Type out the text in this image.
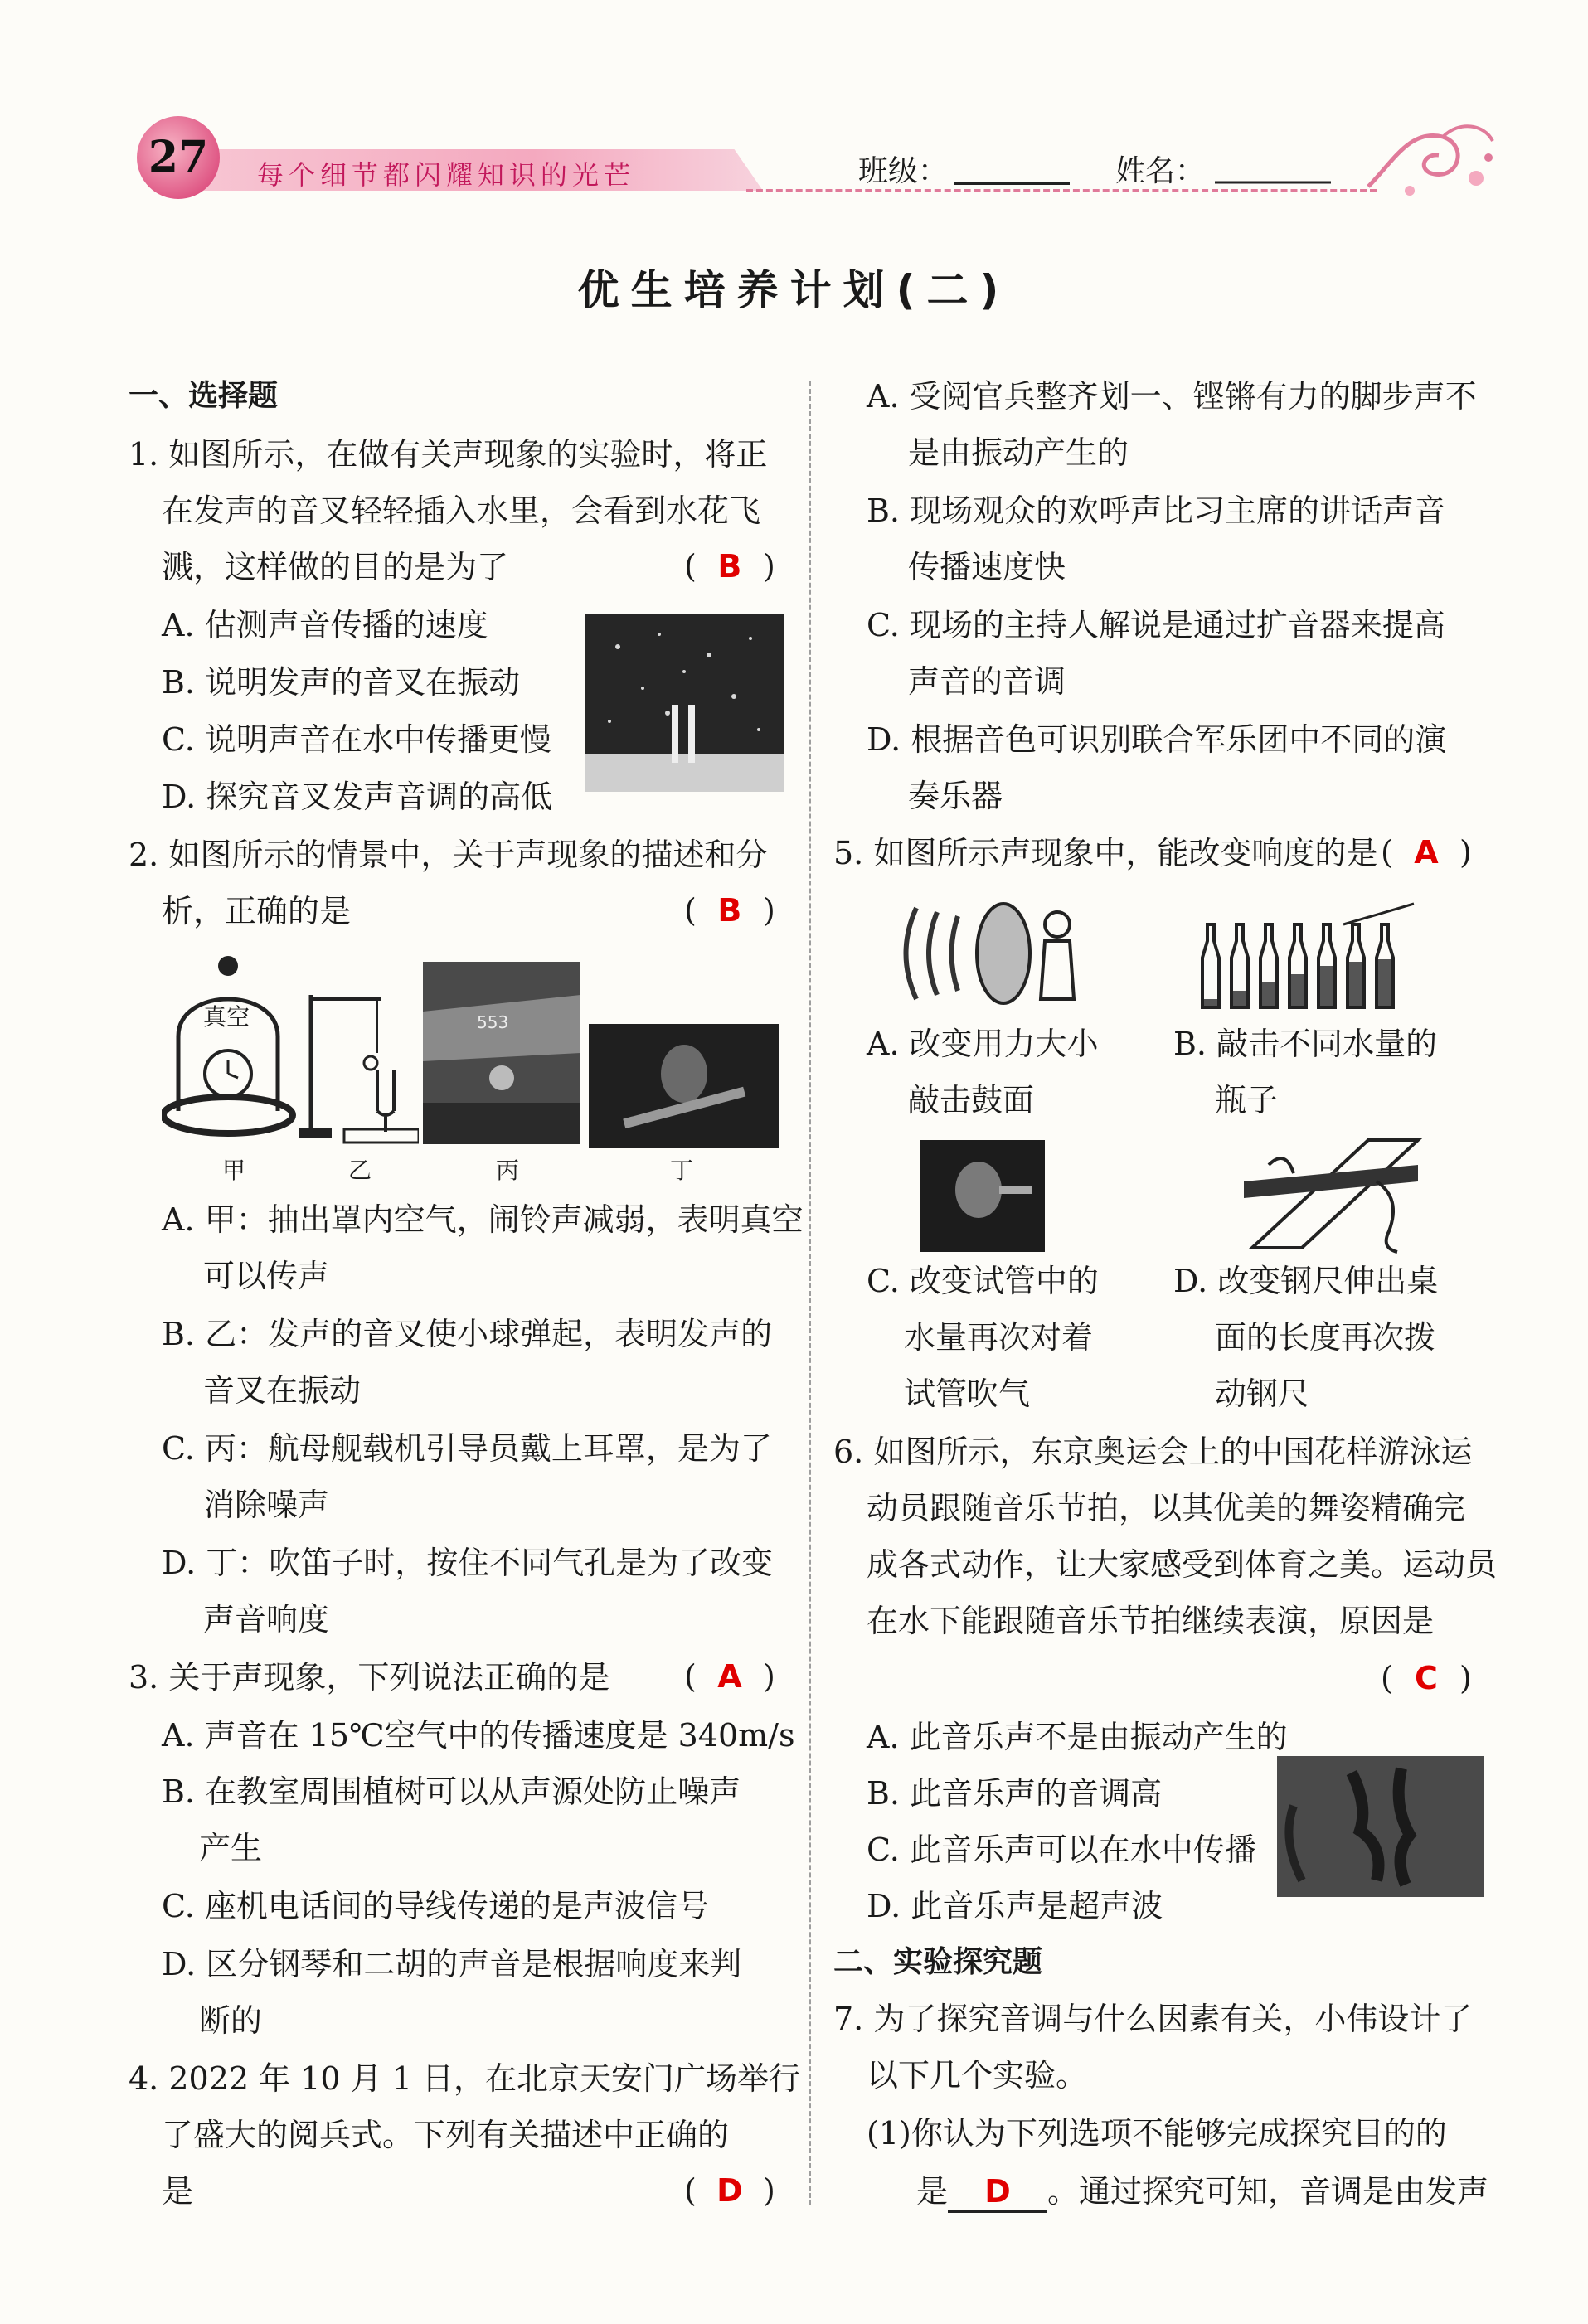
27	每个细节都闪耀知识的光芒	班级：	姓名：
优生培养计划(二)
一、选择题
1. 如图所示，在做有关声现象的实验时，将正
在发声的音叉轻轻插入水里，会看到水花飞
溅，这样做的目的是为了	( B )
A. 估测声音传播的速度
B. 说明发声的音叉在振动
C. 说明声音在水中传播更慢
D. 探究音叉发声音调的高低
2. 如图所示的情景中，关于声现象的描述和分
析，正确的是	( B )
真空	553
甲	乙	丙	丁
A. 甲：抽出罩内空气，闹铃声减弱，表明真空
可以传声
B. 乙：发声的音叉使小球弹起，表明发声的
音叉在振动
C. 丙：航母舰载机引导员戴上耳罩，是为了
消除噪声
D. 丁：吹笛子时，按住不同气孔是为了改变
声音响度
3. 关于声现象，下列说法正确的是 ( A )
A. 声音在 15℃空气中的传播速度是 340m/s
B. 在教室周围植树可以从声源处防止噪声
产生
C. 座机电话间的导线传递的是声波信号
D. 区分钢琴和二胡的声音是根据响度来判
断的
4. 2022 年 10 月 1 日，在北京天安门广场举行
了盛大的阅兵式。下列有关描述中正确的
是	( D )
A. 受阅官兵整齐划一、铿锵有力的脚步声不
是由振动产生的
B. 现场观众的欢呼声比习主席的讲话声音
传播速度快
C. 现场的主持人解说是通过扩音器来提高
声音的音调
D. 根据音色可识别联合军乐团中不同的演
奏乐器
5. 如图所示声现象中，能改变响度的是 ( A )
A. 改变用力大小
敲击鼓面
B. 敲击不同水量的
瓶子
C. 改变试管中的
水量再次对着
试管吹气
D. 改变钢尺伸出桌
面的长度再次拨
动钢尺
6. 如图所示，东京奥运会上的中国花样游泳运
动员跟随音乐节拍，以其优美的舞姿精确完
成各式动作，让大家感受到体育之美。运动员
在水下能跟随音乐节拍继续表演，原因是
( C )
A. 此音乐声不是由振动产生的
B. 此音乐声的音调高
C. 此音乐声可以在水中传播
D. 此音乐声是超声波
二、实验探究题
7. 为了探究音调与什么因素有关，小伟设计了
以下几个实验。
(1)你认为下列选项不能够完成探究目的的
是 D 。通过探究可知，音调是由发声
